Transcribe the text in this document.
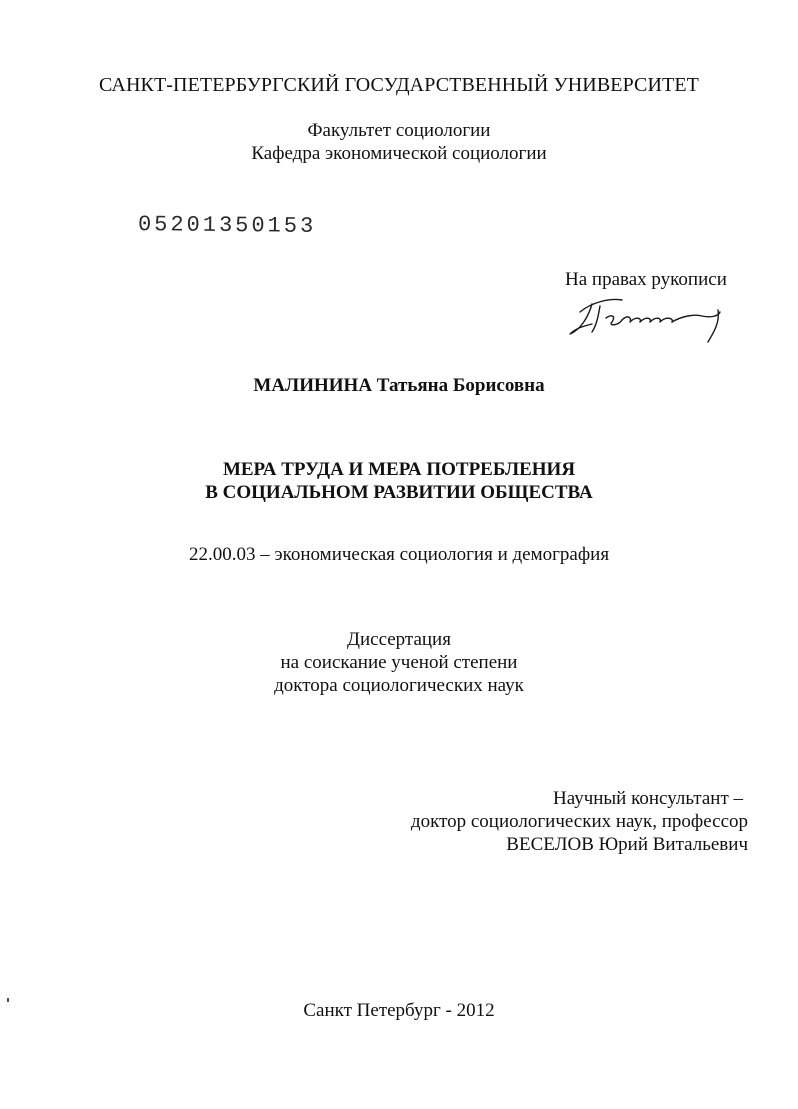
САНКТ-ПЕТЕРБУРГСКИЙ ГОСУДАРСТВЕННЫЙ УНИВЕРСИТЕТ
Факультет социологии
Кафедра экономической социологии
05201350153
На правах рукописи
МАЛИНИНА Татьяна Борисовна
МЕРА ТРУДА И МЕРА ПОТРЕБЛЕНИЯ
В СОЦИАЛЬНОМ РАЗВИТИИ ОБЩЕСТВА
22.00.03 – экономическая социология и демография
Диссертация
на соискание ученой степени
доктора социологических наук
Научный консультант –
доктор социологических наук, профессор
ВЕСЕЛОВ Юрий Витальевич
Санкт Петербург - 2012
